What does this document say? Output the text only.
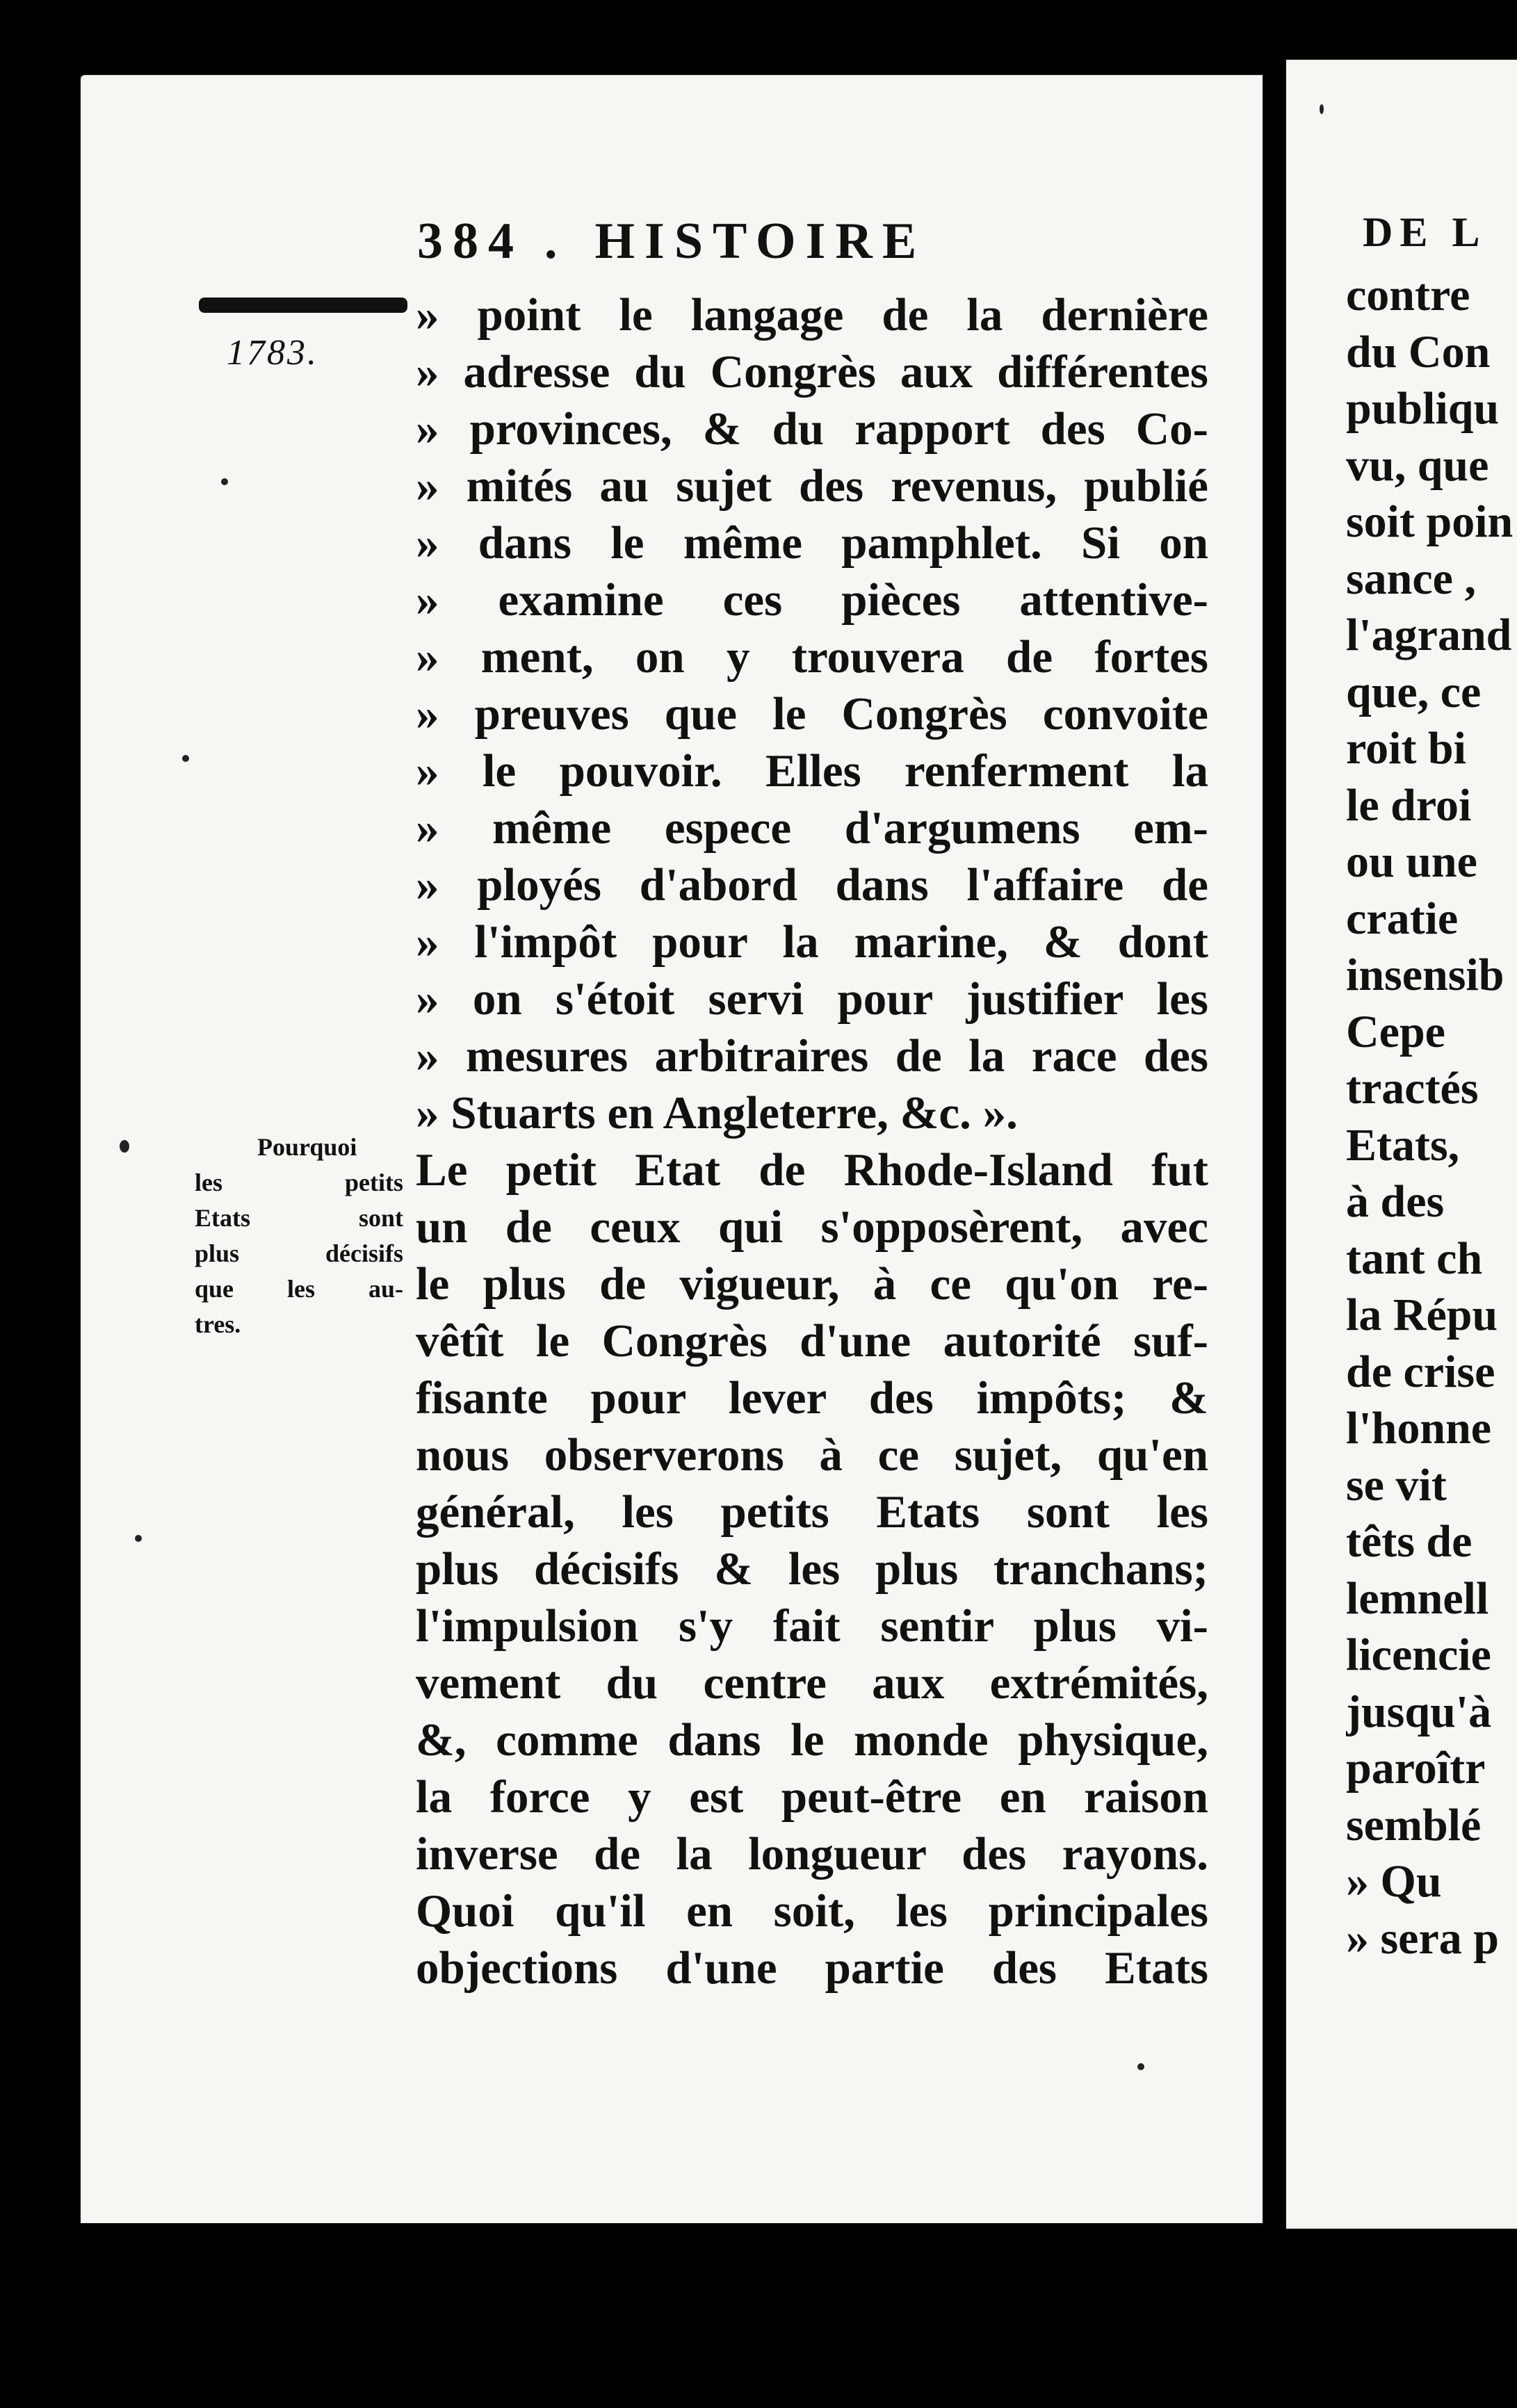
384 . HISTOIRE
1783.
Pourquoi
les petits
Etats sont
plus décisifs
que les au-
tres.
» point le langage de la dernière
» adresse du Congrès aux différentes
» provinces, & du rapport des Co-
» mités au sujet des revenus, publié
» dans le même pamphlet. Si on
» examine ces pièces attentive-
» ment, on y trouvera de fortes
» preuves que le Congrès convoite
» le pouvoir. Elles renferment la
» même espece d'argumens em-
» ployés d'abord dans l'affaire de
» l'impôt pour la marine, & dont
» on s'étoit servi pour justifier les
» mesures arbitraires de la race des
» Stuarts en Angleterre, &c. ».
Le petit Etat de Rhode-Island fut
un de ceux qui s'opposèrent, avec
le plus de vigueur, à ce qu'on re-
vêtît le Congrès d'une autorité suf-
fisante pour lever des impôts; &
nous observerons à ce sujet, qu'en
général, les petits Etats sont les
plus décisifs & les plus tranchans;
l'impulsion s'y fait sentir plus vi-
vement du centre aux extrémités,
&, comme dans le monde physique,
la force y est peut-être en raison
inverse de la longueur des rayons.
Quoi qu'il en soit, les principales
objections d'une partie des Etats
DE L
contre
du Con
publiqu
vu, que
soit poin
sance ,
l'agrand
que, ce
roit bi
le droi
ou une
cratie
insensib
Cepe
tractés
Etats,
à des
tant ch
la Répu
de crise
l'honne
se vit
têts de
lemnell
licencie
jusqu'à
paroîtr
semblé
» Qu
» sera p
